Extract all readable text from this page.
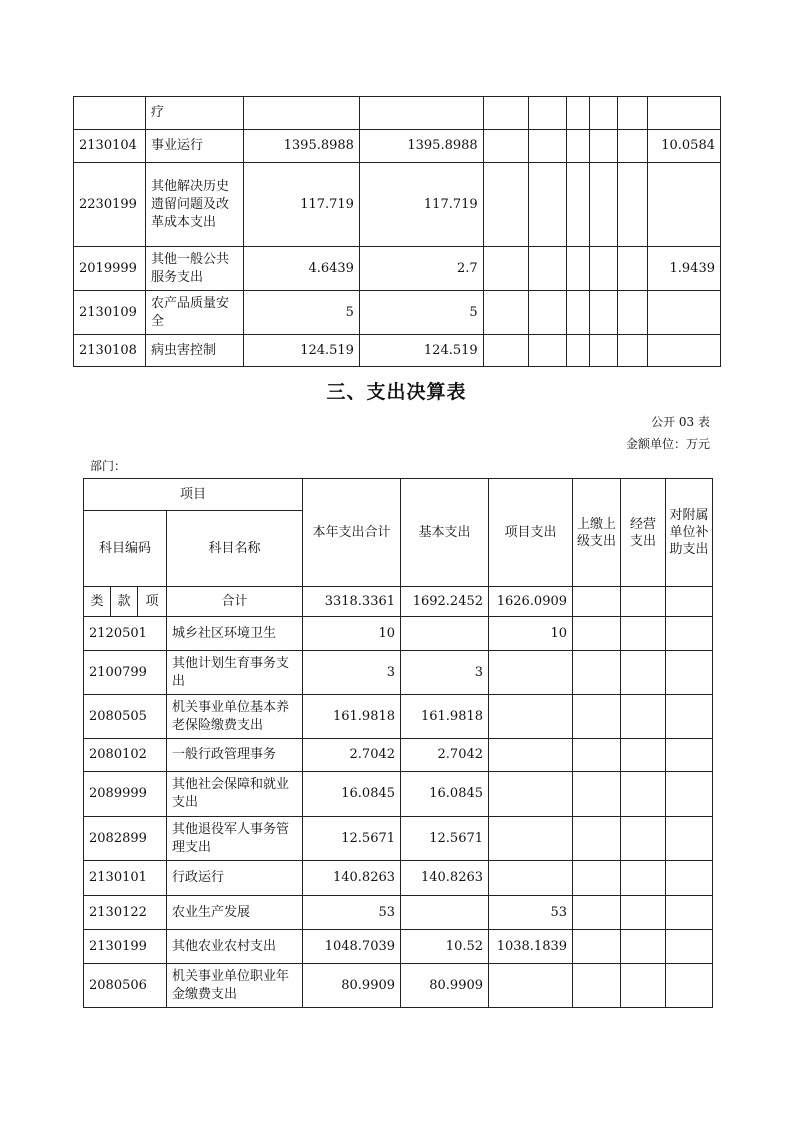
	疗								
2130104	事业运行	1395.8988	1395.8988						10.0584
2230199	其他解决历史遗留问题及改革成本支出	117.719	117.719						
2019999	其他一般公共服务支出	4.6439	2.7						1.9439
2130109	农产品质量安全	5	5						
2130108	病虫害控制	124.519	124.519						
三、支出决算表
公开 03 表
金额单位：万元
部门：
项目				本年支出合计	基本支出	项目支出	上缴上级支出	经营支出	对附属单位补助支出
科目编码			科目名称						
类	款	项	合计	3318.3361	1692.2452	1626.0909			
2120501			城乡社区环境卫生	10		10			
2100799			其他计划生育事务支出	3	3				
2080505			机关事业单位基本养老保险缴费支出	161.9818	161.9818				
2080102			一般行政管理事务	2.7042	2.7042				
2089999			其他社会保障和就业支出	16.0845	16.0845				
2082899			其他退役军人事务管理支出	12.5671	12.5671				
2130101			行政运行	140.8263	140.8263				
2130122			农业生产发展	53		53			
2130199			其他农业农村支出	1048.7039	10.52	1038.1839			
2080506			机关事业单位职业年金缴费支出	80.9909	80.9909				
